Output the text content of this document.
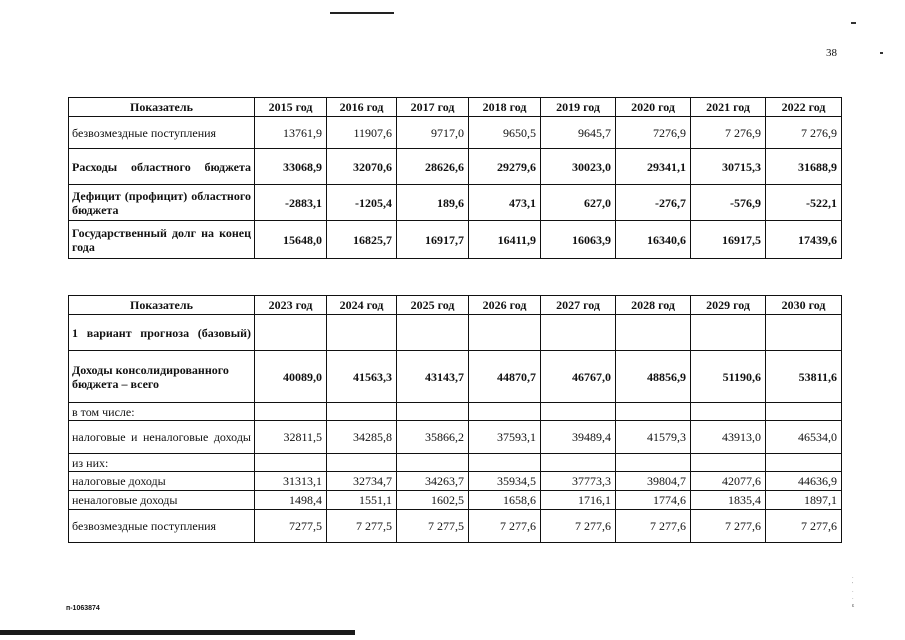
38
Показатель	2015 год	2016 год	2017 год	2018 год	2019 год	2020 год	2021 год	2022 год
безвозмездные поступления	13761,9	11907,6	9717,0	9650,5	9645,7	7276,9	7 276,9	7 276,9
Расходы областного бюджета	33068,9	32070,6	28626,6	29279,6	30023,0	29341,1	30715,3	31688,9
Дефицит (профицит) областного бюджета	-2883,1	-1205,4	189,6	473,1	627,0	-276,7	-576,9	-522,1
Государственный долг на конец года	15648,0	16825,7	16917,7	16411,9	16063,9	16340,6	16917,5	17439,6
Показатель	2023 год	2024 год	2025 год	2026 год	2027 год	2028 год	2029 год	2030 год
1 вариант прогноза (базовый)								
Доходы консолидированного бюджета – всего	40089,0	41563,3	43143,7	44870,7	46767,0	48856,9	51190,6	53811,6
в том числе:								
налоговые и неналоговые доходы	32811,5	34285,8	35866,2	37593,1	39489,4	41579,3	43913,0	46534,0
из них:								
налоговые доходы	31313,1	32734,7	34263,7	35934,5	37773,3	39804,7	42077,6	44636,9
неналоговые доходы	1498,4	1551,1	1602,5	1658,6	1716,1	1774,6	1835,4	1897,1
безвозмездные поступления	7277,5	7 277,5	7 277,5	7 277,6	7 277,6	7 277,6	7 277,6	7 277,6
·
‘
·
·
ε
п-1063874
